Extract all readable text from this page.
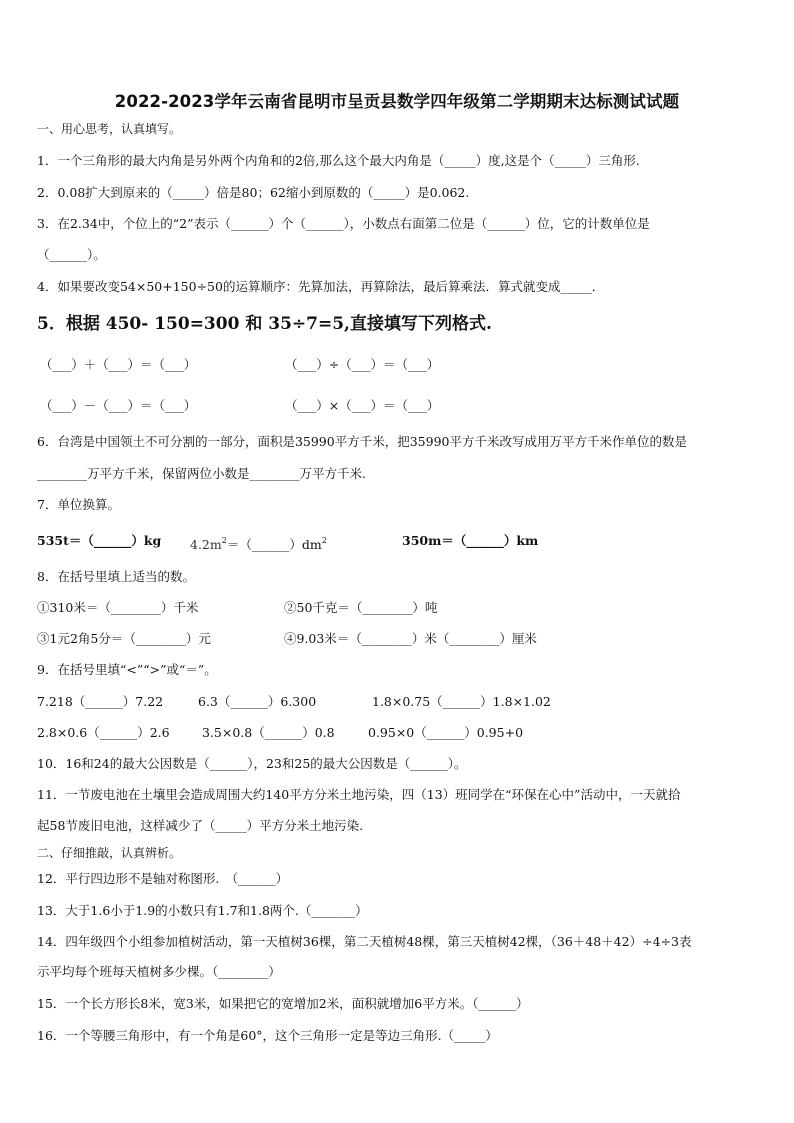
2022-2023学年云南省昆明市呈贡县数学四年级第二学期期末达标测试试题
一、用心思考，认真填写。
1．一个三角形的最大内角是另外两个内角和的2倍,那么这个最大内角是（_____）度,这是个（_____）三角形.
2．0.08扩大到原来的（_____）倍是80；62缩小到原数的（_____）是0.062.
3．在2.34中，个位上的“2”表示（______）个（______），小数点右面第二位是（______）位，它的计数单位是
（______）。
4．如果要改变54×50+150÷50的运算顺序：先算加法，再算除法，最后算乘法．算式就变成_____．
5．根据 450- 150=300 和 35÷7=5,直接填写下列格式.
（___）＋（___）＝（___）	（___）÷（___）＝（___）
（___）－（___）＝（___）	（___）×（___）＝（___）
6．台湾是中国领土不可分割的一部分，面积是35990平方千米，把35990平方千米改写成用万平方千米作单位的数是
________万平方千米，保留两位小数是________万平方千米.
7．单位换算。
535t＝（______）kg $4.2m^2=(\_\_\_\_\_\_)dm^2$	350m＝（______）km
8．在括号里填上适当的数。
①310米＝（________）千米	②50千克＝（________）吨
③1元2角5分＝（________）元	④9.03米＝（________）米（________）厘米
9．在括号里填“<”“>”或“＝”。
7.218（______）7.22	6.3（______）6.300	1.8×0.75（______）1.8×1.02
2.8×0.6（______）2.6	3.5×0.8（______）0.8	0.95×0（______）0.95+0
10．16和24的最大公因数是（______），23和25的最大公因数是（______）。
11．一节废电池在土壤里会造成周围大约140平方分米土地污染，四（13）班同学在“环保在心中”活动中，一天就拾
起58节废旧电池，这样减少了（_____）平方分米土地污染.
二、仔细推敲，认真辨析。
12．平行四边形不是轴对称图形.　（______）
13．大于1.6小于1.9的小数只有1.7和1.8两个.（_______）
14．四年级四个小组参加植树活动，第一天植树36棵，第二天植树48棵，第三天植树42棵，（36＋48＋42）÷4÷3表
示平均每个班每天植树多少棵。（________）
15．一个长方形长8米，宽3米，如果把它的宽增加2米，面积就增加6平方米。（______）
16．一个等腰三角形中，有一个角是60°，这个三角形一定是等边三角形.（_____）
